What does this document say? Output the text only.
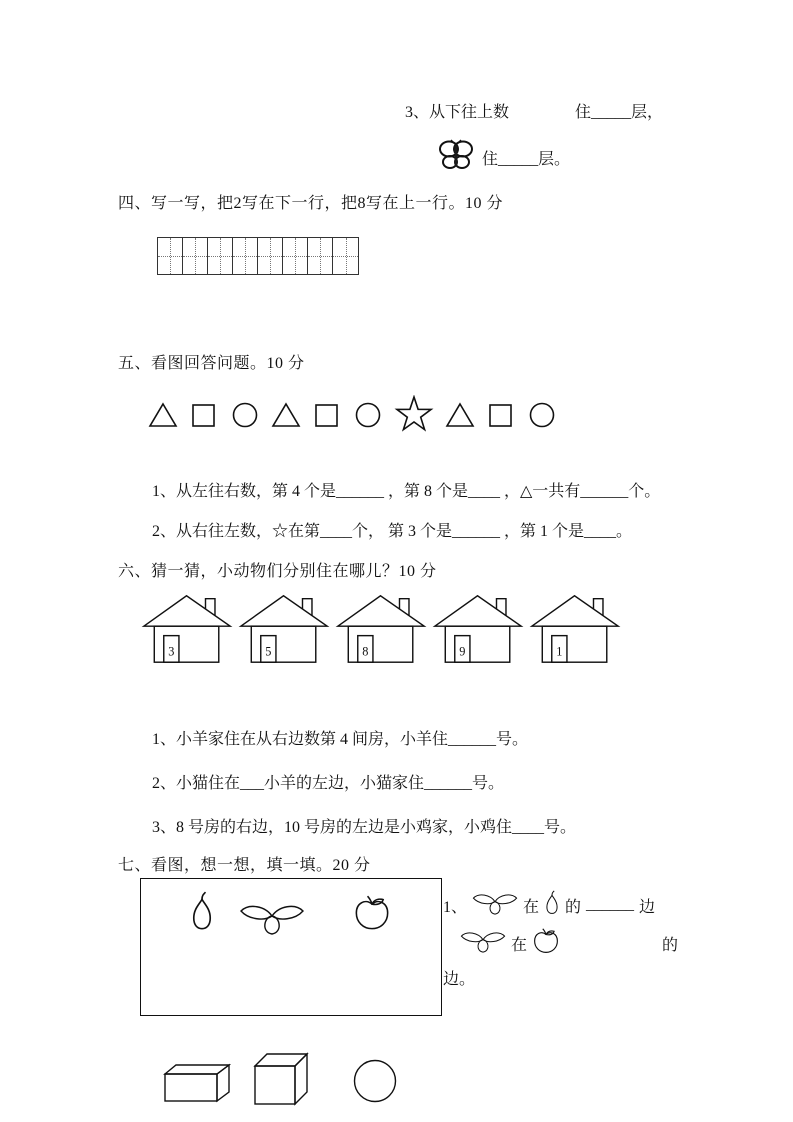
3、从下往上数	住_____层，
住_____层。
四、写一写，把2写在下一行，把8写在上一行。10 分
五、看图回答问题。10 分
1、从左往右数，第 4 个是______ ，第 8 个是____ ，△一共有______个。
2、从右往左数，☆在第____个， 第 3 个是______ ，第 1 个是____。
六、猜一猜，小动物们分别住在哪儿？10 分
3	5	8	9	1
1、小羊家住在从右边数第 4 间房，小羊住______号。
2、小猫住在___小羊的左边，小猫家住______号。
3、8 号房的右边，10 号房的左边是小鸡家，小鸡住____号。
七、看图，想一想，填一填。20 分
1、	在 的 ______ 边
在	的
边。
